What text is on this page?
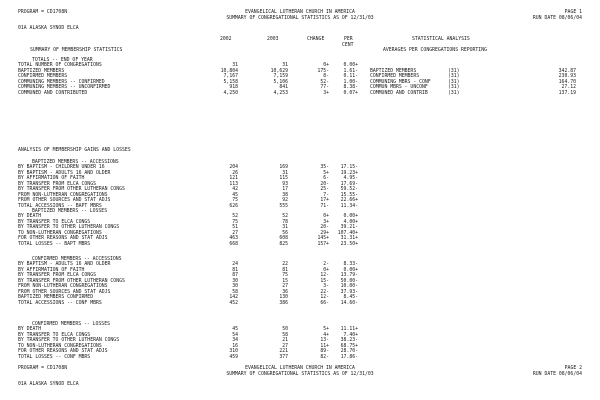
PROGRAM = CD1708N	EVANGELICAL LUTHERAN CHURCH IN AMERICA	PAGE 1
SUMMARY OF CONGREGATIONAL STATISTICS AS OF 12/31/03	RUN DATE 08/06/04
01A ALASKA SYNOD ELCA
2002	2003	CHANGE	PER
CENT
STATISTICAL ANALYSIS
SUMMARY OF MEMBERSHIP STATISTICS	AVERAGES PER CONGREGATIONS REPORTING
TOTALS -- END OF YEAR
TOTAL NUMBER OF CONGREGATIONS	31	31	0+	0.00+
BAPTIZED MEMBERS	10,804	10,629	175-	1.61-
CONFIRMED MEMBERS	7,167	7,159	8-	0.11-
COMMUNING MEMBERS -- CONFIRMED	5,158	5,106	52-	1.00-
COMMUNING MEMBERS -- UNCONFIRMED	918	841	77-	8.38-
COMMUNED AND CONTRIBUTED	4,250	4,253	3+	0.07+
BAPTIZED MEMBERS	(31)	342.87
CONFIRMED MEMBERS	(31)	230.93
COMMUNING MBRS - CONF	(31)	164.70
COMMUN MBRS - UNCONF	(31)	27.12
COMMUNED AND CONTRIB	(31)	137.19
ANALYSIS OF MEMBERSHIP GAINS AND LOSSES
BAPTIZED MEMBERS -- ACCESSIONS
BY BAPTISM - CHILDREN UNDER 16	204	169	35- 17.15-
BY BAPTISM - ADULTS 16 AND OLDER	26	31	5+ 19.23+
BY AFFIRMATION OF FAITH	121	115	6-	4.95-
BY TRANSFER FROM ELCA CONGS	113	93	20- 17.69-
BY TRANSFER FROM OTHER LUTHERAN CONGS	42	17	25- 59.52-
FROM NON-LUTHERAN CONGREGATIONS	45	38	7- 15.55-
FROM OTHER SOURCES AND STAT ADJS	75	92	17+ 22.66+
TOTAL ACCESSIONS -- BAPT MBRS	626	555	71- 11.34-
BAPTIZED MEMBERS -- LOSSES
BY DEATH	52	52	0+	0.00+
BY TRANSFER TO ELCA CONGS	75	78	3+	4.00+
BY TRANSFER TO OTHER LUTHERAN CONGS	51	31	20- 39.21-
TO NON-LUTHERAN CONGREGATIONS	27	56	29+ 107.40+
FOR OTHER REASONS AND STAT ADJS	463	608	145+ 31.31+
TOTAL LOSSES -- BAPT MBRS	668	825	157+ 23.50+
CONFIRMED MEMBERS -- ACCESSIONS
BY BAPTISM - ADULTS 16 AND OLDER	24	22	2-	8.33-
BY AFFIRMATION OF FAITH	81	81	0+	0.00+
BY TRANSFER FROM ELCA CONGS	87	75	12- 13.79-
BY TRANSFER FROM OTHER LUTHERAN CONGS	30	15	15- 50.00-
FROM NON-LUTHERAN CONGREGATIONS	30	27	3- 10.00-
FROM OTHER SOURCES AND STAT ADJS	58	36	22- 37.93-
BAPTIZED MEMBERS CONFIRMED	142	130	12-	8.45-
TOTAL ACCESSIONS -- CONF MBRS	452	386	66- 14.60-
CONFIRMED MEMBERS -- LOSSES
BY DEATH	45	50	5+ 11.11+
BY TRANSFER TO ELCA CONGS	54	58	4+	7.40+
BY TRANSFER TO OTHER LUTHERAN CONGS	34	21	13- 38.23-
TO NON-LUTHERAN CONGREGATIONS	16	27	11+ 68.75+
FOR OTHER REASONS AND STAT ADJS	310	221	89- 28.70-
TOTAL LOSSES -- CONF MBRS	459	377	82- 17.86-
PROGRAM = CD1708N	EVANGELICAL LUTHERAN CHURCH IN AMERICA	PAGE 2
SUMMARY OF CONGREGATIONAL STATISTICS AS OF 12/31/03	RUN DATE 08/06/04
01A ALASKA SYNOD ELCA
